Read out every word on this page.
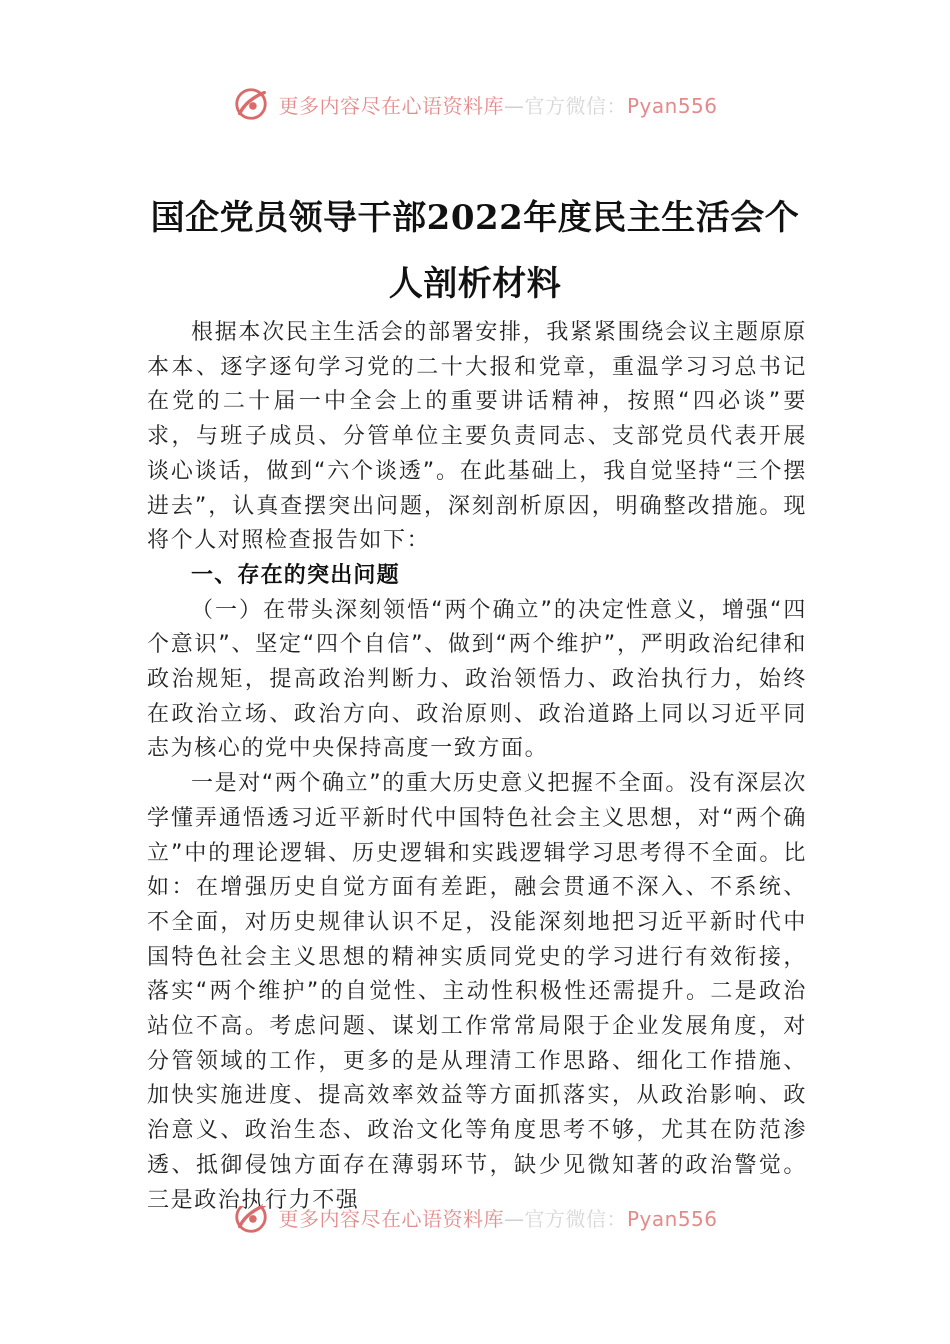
更多内容尽在心语资料库—官方微信：Pyan556
国企党员领导干部2022年度民主生活会个
人剖析材料

根据本次民主生活会的部署安排，我紧紧围绕会议主题原原本本、逐字逐句学习党的二十大报和党章，重温学习习总书记在党的二十届一中全会上的重要讲话精神，按照“四必谈”要求，与班子成员、分管单位主要负责同志、支部党员代表开展谈心谈话，做到“六个谈透”。在此基础上，我自觉坚持“三个摆进去”，认真查摆突出问题，深刻剖析原因，明确整改措施。现将个人对照检查报告如下：

一、存在的突出问题

（一）在带头深刻领悟“两个确立”的决定性意义，增强“四个意识”、坚定“四个自信”、做到“两个维护”，严明政治纪律和政治规矩，提高政治判断力、政治领悟力、政治执行力，始终在政治立场、政治方向、政治原则、政治道路上同以习近平同志为核心的党中央保持高度一致方面。

一是对“两个确立”的重大历史意义把握不全面。没有深层次学懂弄通悟透习近平新时代中国特色社会主义思想，对“两个确立”中的理论逻辑、历史逻辑和实践逻辑学习思考得不全面。比如：在增强历史自觉方面有差距，融会贯通不深入、不系统、不全面，对历史规律认识不足，没能深刻地把习近平新时代中国特色社会主义思想的精神实质同党史的学习进行有效衔接，落实“两个维护”的自觉性、主动性积极性还需提升。二是政治站位不高。考虑问题、谋划工作常常局限于企业发展角度，对分管领域的工作，更多的是从理清工作思路、细化工作措施、加快实施进度、提高效率效益等方面抓落实，从政治影响、政治意义、政治生态、政治文化等角度思考不够，尤其在防范渗透、抵御侵蚀方面存在薄弱环节，缺少见微知著的政治警觉。三是政治执行力不强

更多内容尽在心语资料库—官方微信：Pyan556
